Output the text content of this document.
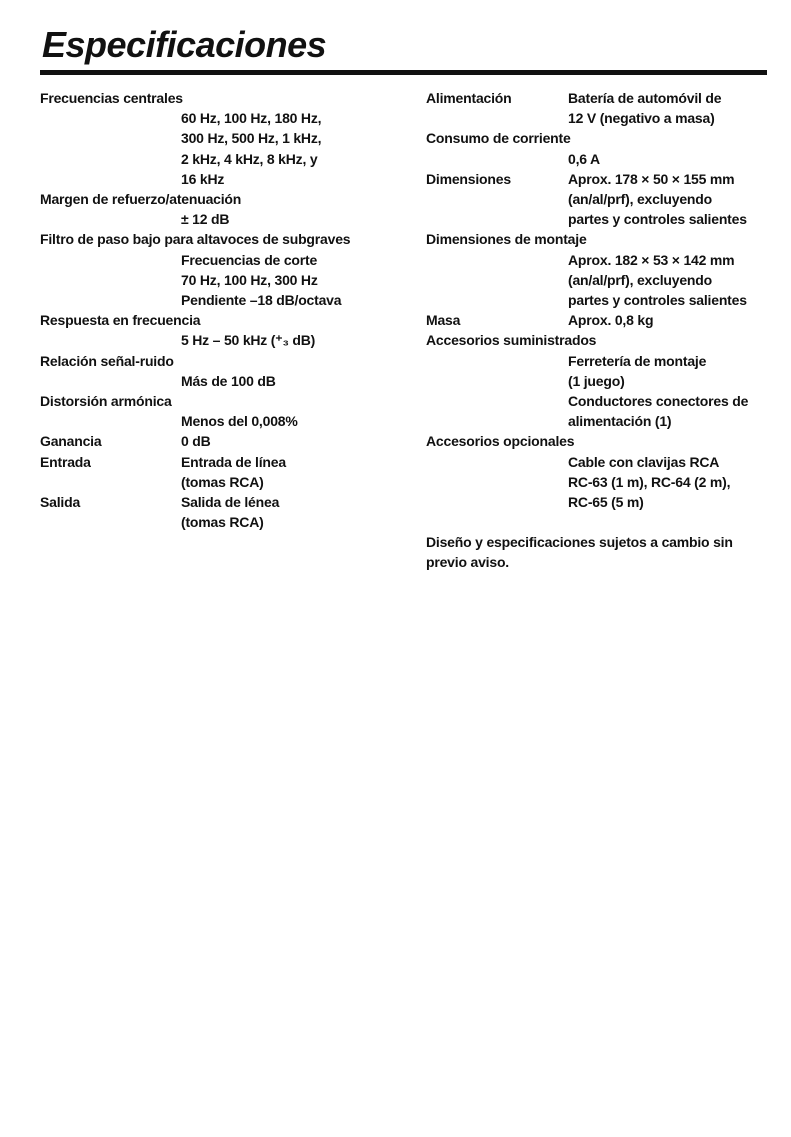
Especificaciones
Frecuencias centrales
60 Hz, 100 Hz, 180 Hz,
300 Hz, 500 Hz, 1 kHz,
2 kHz, 4 kHz, 8 kHz, y
16 kHz
Margen de refuerzo/atenuación
± 12 dB
Filtro de paso bajo para altavoces de subgraves
Frecuencias de corte
70 Hz, 100 Hz, 300 Hz
Pendiente –18 dB/octava
Respuesta en frecuencia
5 Hz – 50 kHz (⁺₃ dB)
Relación señal-ruido
Más de 100 dB
Distorsión armónica
Menos del 0,008%
Ganancia	0 dB
Entrada	Entrada de línea
(tomas RCA)
Salida	Salida de lénea
(tomas RCA)
Alimentación	Batería de automóvil de
12 V (negativo a masa)
Consumo de corriente
0,6 A
Dimensiones	Aprox. 178 × 50 × 155 mm
(an/al/prf), excluyendo
partes y controles salientes
Dimensiones de montaje
Aprox. 182 × 53 × 142 mm
(an/al/prf), excluyendo
partes y controles salientes
Masa	Aprox. 0,8 kg
Accesorios suministrados
Ferretería de montaje
(1 juego)
Conductores conectores de
alimentación (1)
Accesorios opcionales
Cable con clavijas RCA
RC-63 (1 m), RC-64 (2 m),
RC-65 (5 m)
Diseño y especificaciones sujetos a cambio sin previo aviso.
